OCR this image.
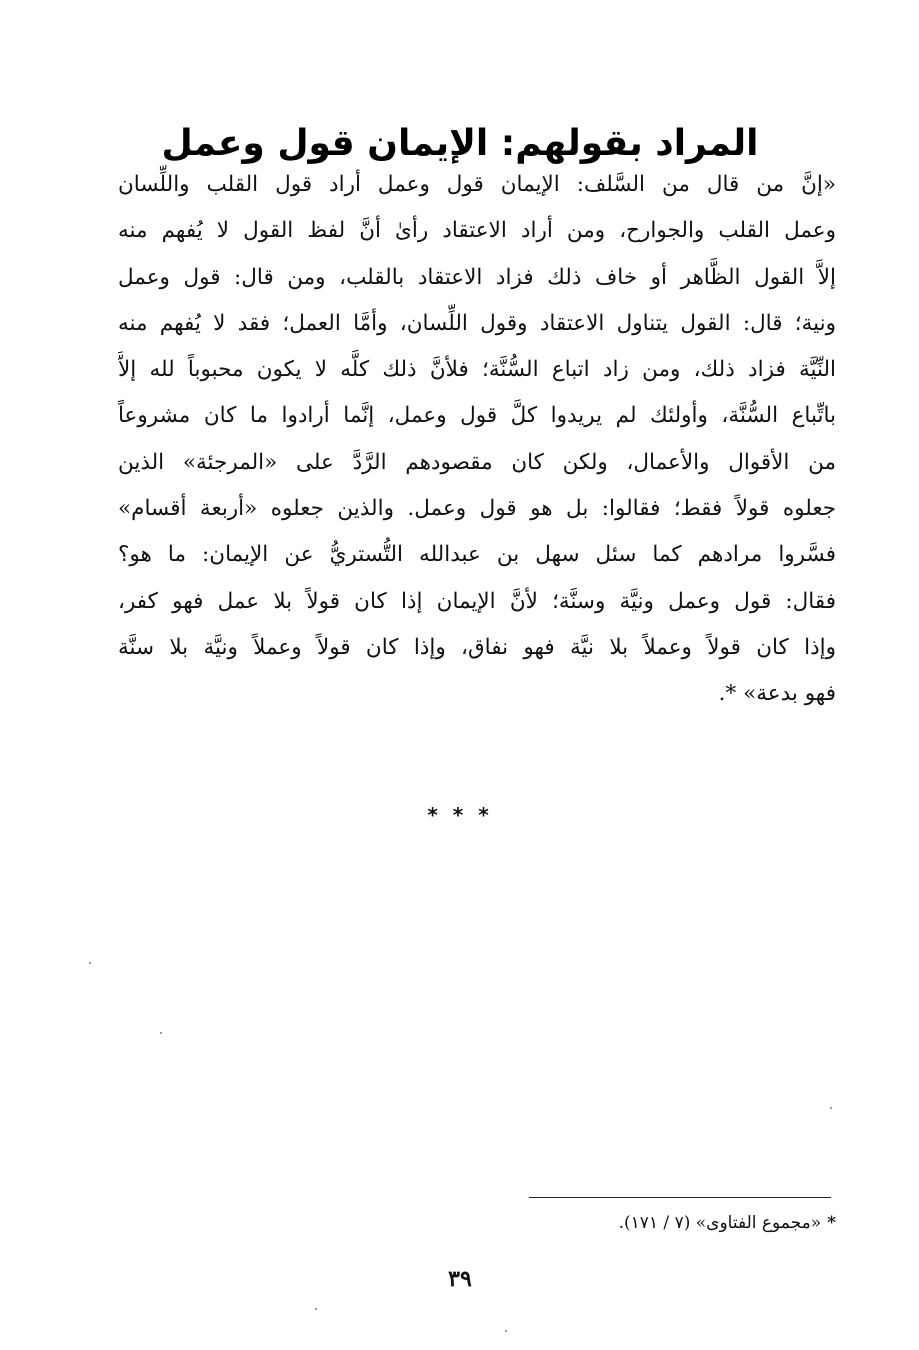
المراد بقولهم: الإيمان قول وعمل
«إنَّ من قال من السَّلف: الإيمان قول وعمل أراد قول القلب واللِّسان
وعمل القلب والجوارح، ومن أراد الاعتقاد رأىٰ أنَّ لفظ القول لا يُفهم منه
إلاَّ القول الظَّاهر أو خاف ذلك فزاد الاعتقاد بالقلب، ومن قال: قول وعمل
ونية؛ قال: القول يتناول الاعتقاد وقول اللِّسان، وأمَّا العمل؛ فقد لا يُفهم منه
النِّيَّة فزاد ذلك، ومن زاد اتباع السُّنَّة؛ فلأنَّ ذلك كلَّه لا يكون محبوباً لله إلاَّ
باتِّباع السُّنَّة، وأولئك لم يريدوا كلَّ قول وعمل، إنَّما أرادوا ما كان مشروعاً
من الأقوال والأعمال، ولكن كان مقصودهم الرَّدَّ على «المرجئة» الذين
جعلوه قولاً فقط؛ فقالوا: بل هو قول وعمل. والذين جعلوه «أربعة أقسام»
فسَّروا مرادهم كما سئل سهل بن عبدالله التُّستريُّ عن الإيمان: ما هو؟
فقال: قول وعمل ونيَّة وسنَّة؛ لأنَّ الإيمان إذا كان قولاً بلا عمل فهو كفر،
وإذا كان قولاً وعملاً بلا نيَّة فهو نفاق، وإذا كان قولاً وعملاً ونيَّة بلا سنَّة
فهو بدعة» *.
* * *
*«مجموع الفتاوى» (٧ / ١٧١).
٣٩
